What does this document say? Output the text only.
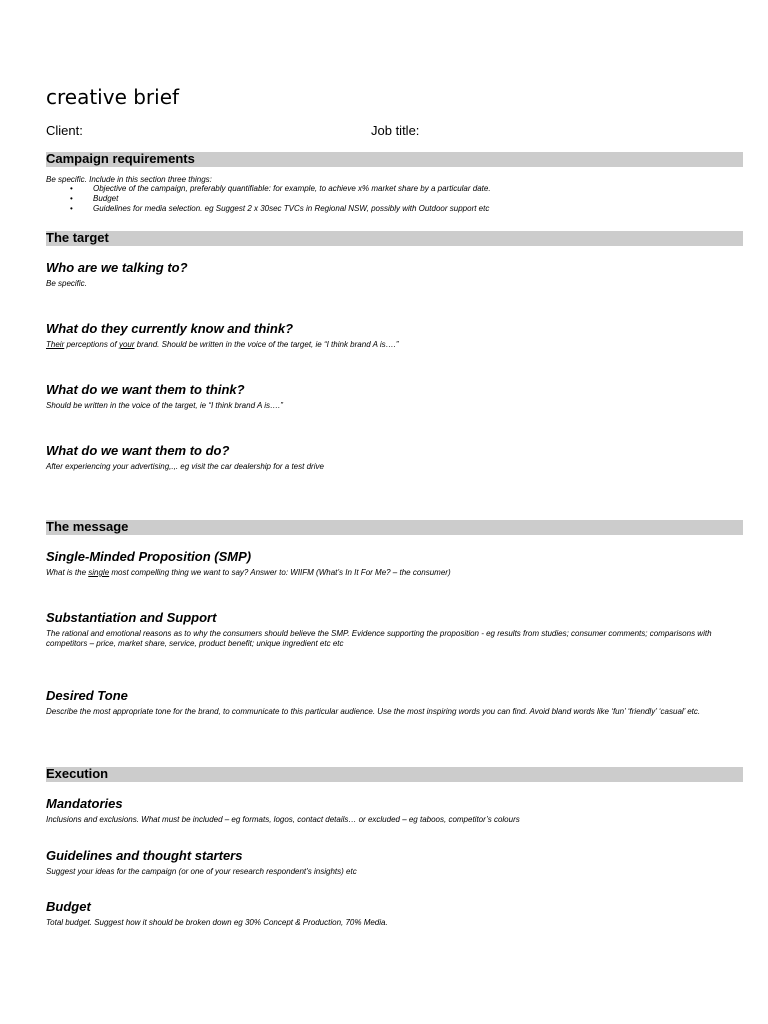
creative brief
Client:	Job title:
Campaign requirements
Be specific. Include in this section three things:
• Objective of the campaign, preferably quantifiable: for example, to achieve x% market share by a particular date.
• Budget
• Guidelines for media selection. eg Suggest 2 x 30sec TVCs in Regional NSW, possibly with Outdoor support etc
The target
Who are we talking to?
Be specific.
What do they currently know and think?
Their perceptions of your brand. Should be written in the voice of the target, ie “I think brand A is….”
What do we want them to think?
Should be written in the voice of the target, ie “I think brand A is….”
What do we want them to do?
After experiencing your advertising,.,. eg visit the car dealership for a test drive
The message
Single-Minded Proposition (SMP)
What is the single most compelling thing we want to say? Answer to: WIIFM (What’s In It For Me? – the consumer)
Substantiation and Support
The rational and emotional reasons as to why the consumers should believe the SMP. Evidence supporting the proposition - eg results from studies; consumer comments; comparisons with competitors – price, market share, service, product benefit; unique ingredient etc etc
Desired Tone
Describe the most appropriate tone for the brand, to communicate to this particular audience. Use the most inspiring words you can find. Avoid bland words like ‘fun’ ‘friendly’ ‘casual’ etc.
Execution
Mandatories
Inclusions and exclusions. What must be included – eg formats, logos, contact details… or excluded – eg taboos, competitor’s colours
Guidelines and thought starters
Suggest your ideas for the campaign (or one of your research respondent’s insights) etc
Budget
Total budget. Suggest how it should be broken down eg 30% Concept & Production, 70% Media.
